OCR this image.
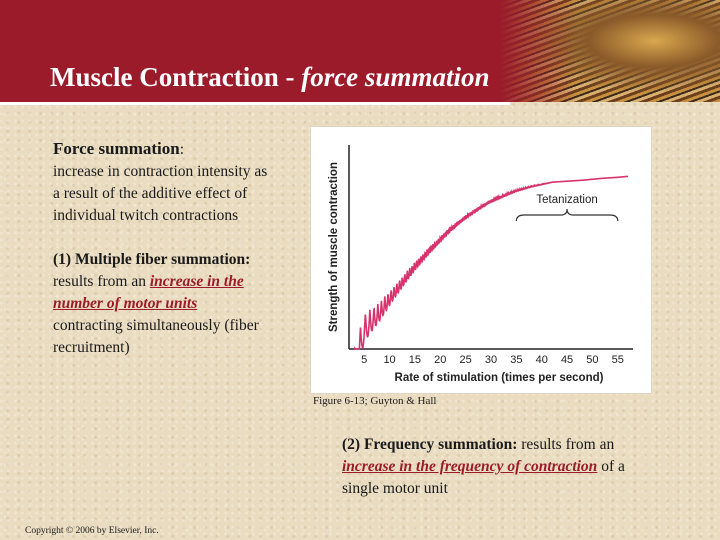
Muscle Contraction - force summation

Force summation:

increase in contraction intensity as a result of the additive effect of individual twitch contractions

(1) Multiple fiber summation: results from an increase in the number of motor units contracting simultaneously (fiber recruitment)

5 10 15 20 25 30 35 40 45 50 55
Rate of stimulation (times per second)
Strength of muscle contraction	Tetanization
Figure 6-13; Guyton & Hall

(2) Frequency summation: results from an increase in the frequency of contraction of a single motor unit

Copyright © 2006 by Elsevier, Inc.
